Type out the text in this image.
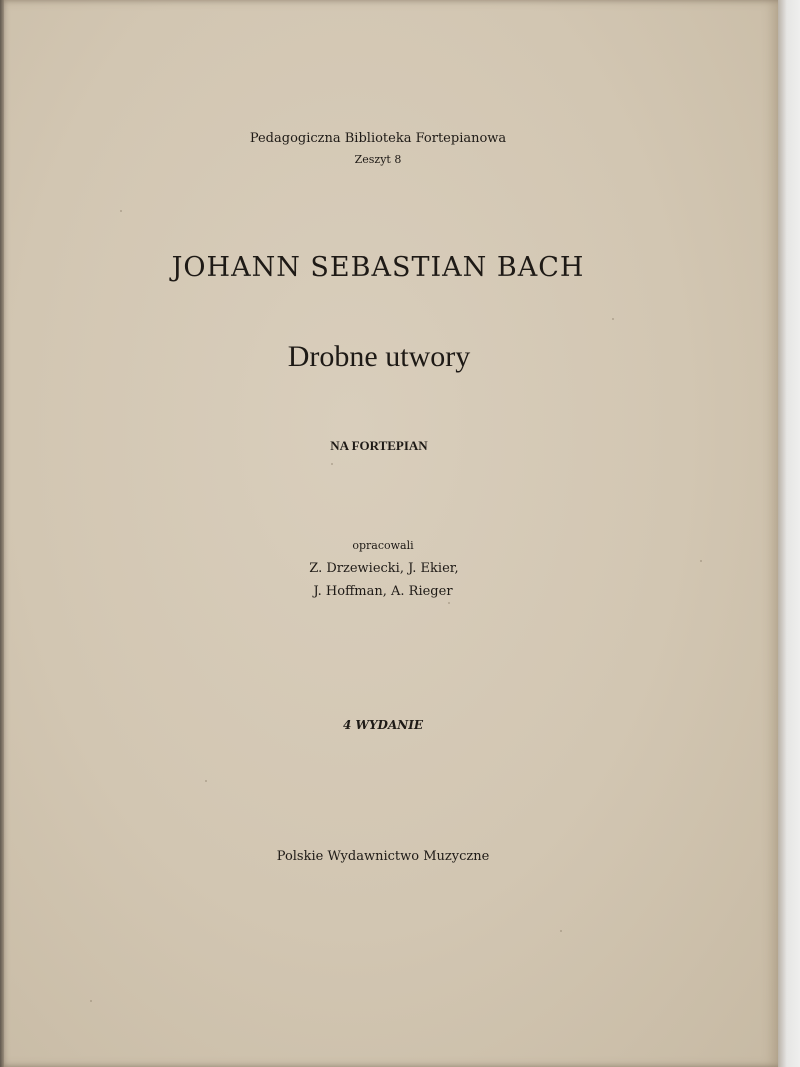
Pedagogiczna Biblioteka Fortepianowa
Zeszyt 8
JOHANN SEBASTIAN BACH
Drobne utwory
NA FORTEPIAN
opracowali
Z. Drzewiecki, J. Ekier,
J. Hoffman, A. Rieger
4 WYDANIE
Polskie Wydawnictwo Muzyczne
